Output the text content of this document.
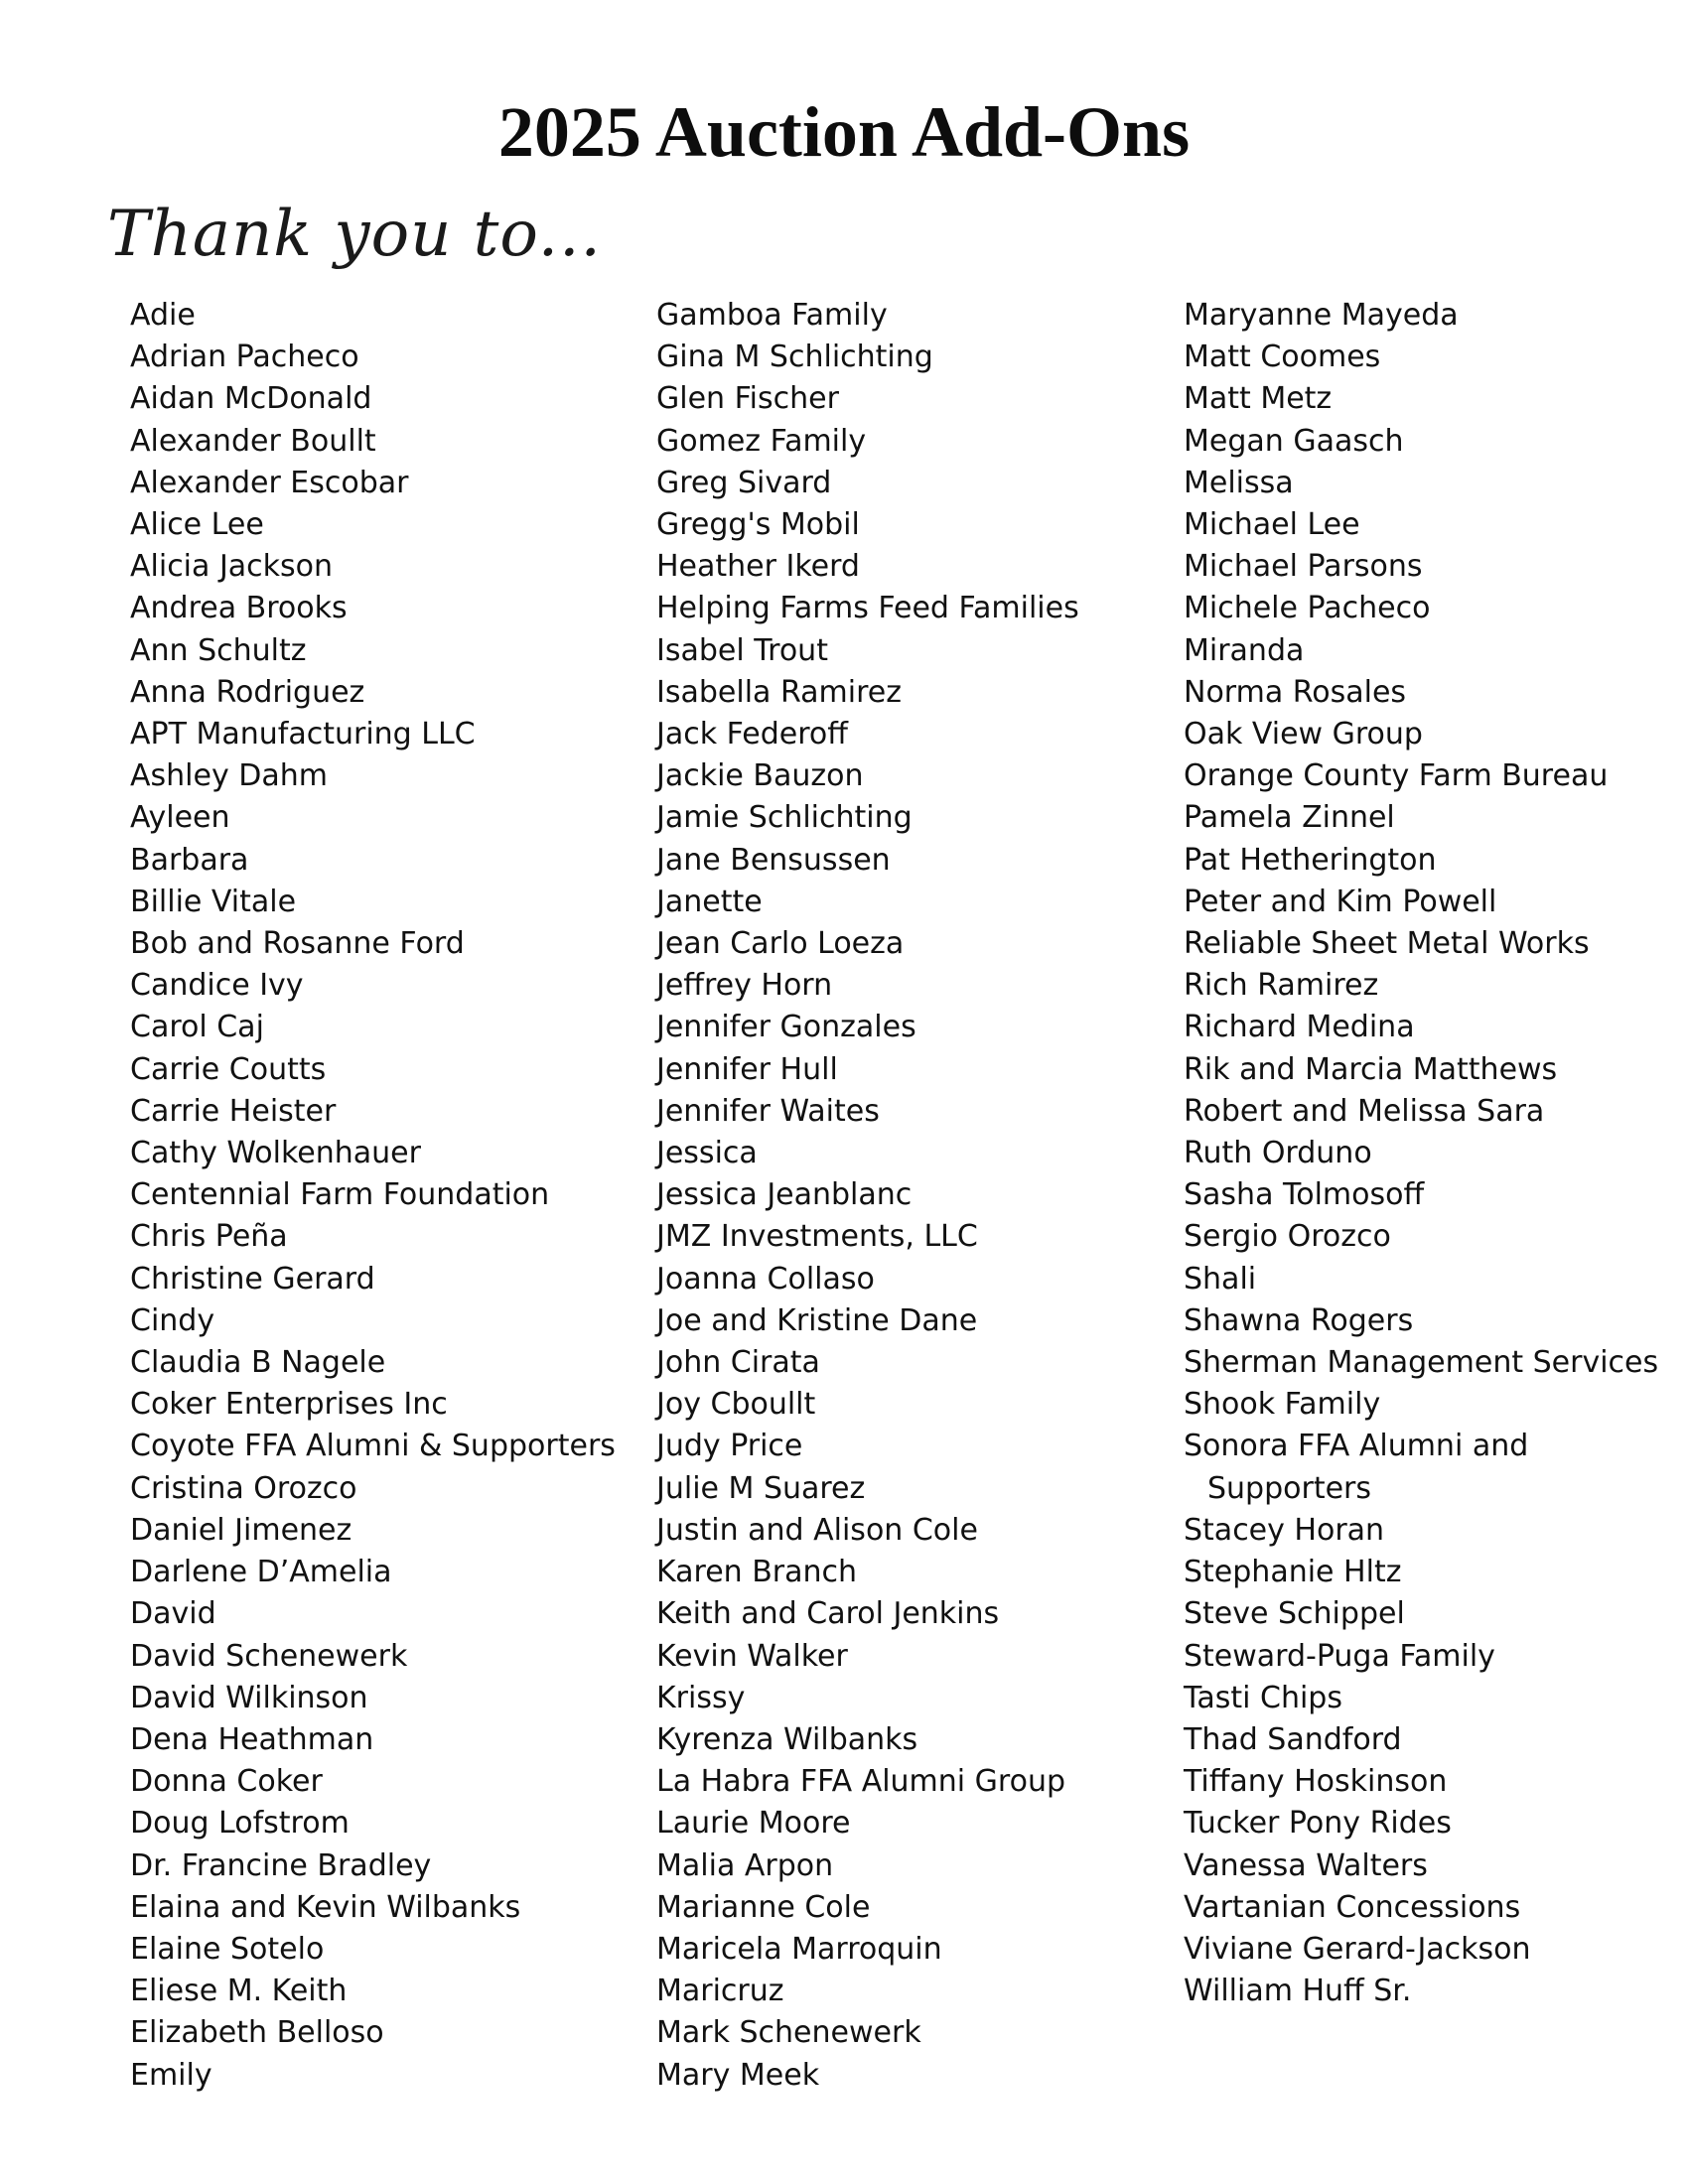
2025 Auction Add-Ons
Thank you to...
Adie
Adrian Pacheco
Aidan McDonald
Alexander Boullt
Alexander Escobar
Alice Lee
Alicia Jackson
Andrea Brooks
Ann Schultz
Anna Rodriguez
APT Manufacturing LLC
Ashley Dahm
Ayleen
Barbara
Billie Vitale
Bob and Rosanne Ford
Candice Ivy
Carol Caj
Carrie Coutts
Carrie Heister
Cathy Wolkenhauer
Centennial Farm Foundation
Chris Peña
Christine Gerard
Cindy
Claudia B Nagele
Coker Enterprises Inc
Coyote FFA Alumni & Supporters
Cristina Orozco
Daniel Jimenez
Darlene D’Amelia
David
David Schenewerk
David Wilkinson
Dena Heathman
Donna Coker
Doug Lofstrom
Dr. Francine Bradley
Elaina and Kevin Wilbanks
Elaine Sotelo
Eliese M. Keith
Elizabeth Belloso
Emily
Gamboa Family
Gina M Schlichting
Glen Fischer
Gomez Family
Greg Sivard
Gregg's Mobil
Heather Ikerd
Helping Farms Feed Families
Isabel Trout
Isabella Ramirez
Jack Federoff
Jackie Bauzon
Jamie Schlichting
Jane Bensussen
Janette
Jean Carlo Loeza
Jeffrey Horn
Jennifer Gonzales
Jennifer Hull
Jennifer Waites
Jessica
Jessica Jeanblanc
JMZ Investments, LLC
Joanna Collaso
Joe and Kristine Dane
John Cirata
Joy Cboullt
Judy Price
Julie M Suarez
Justin and Alison Cole
Karen Branch
Keith and Carol Jenkins
Kevin Walker
Krissy
Kyrenza Wilbanks
La Habra FFA Alumni Group
Laurie Moore
Malia Arpon
Marianne Cole
Maricela Marroquin
Maricruz
Mark Schenewerk
Mary Meek
Maryanne Mayeda
Matt Coomes
Matt Metz
Megan Gaasch
Melissa
Michael Lee
Michael Parsons
Michele Pacheco
Miranda
Norma Rosales
Oak View Group
Orange County Farm Bureau
Pamela Zinnel
Pat Hetherington
Peter and Kim Powell
Reliable Sheet Metal Works
Rich Ramirez
Richard Medina
Rik and Marcia Matthews
Robert and Melissa Sara
Ruth Orduno
Sasha Tolmosoff
Sergio Orozco
Shali
Shawna Rogers
Sherman Management Services
Shook Family
Sonora FFA Alumni and
Supporters
Stacey Horan
Stephanie Hltz
Steve Schippel
Steward-Puga Family
Tasti Chips
Thad Sandford
Tiffany Hoskinson
Tucker Pony Rides
Vanessa Walters
Vartanian Concessions
Viviane Gerard-Jackson
William Huff Sr.
